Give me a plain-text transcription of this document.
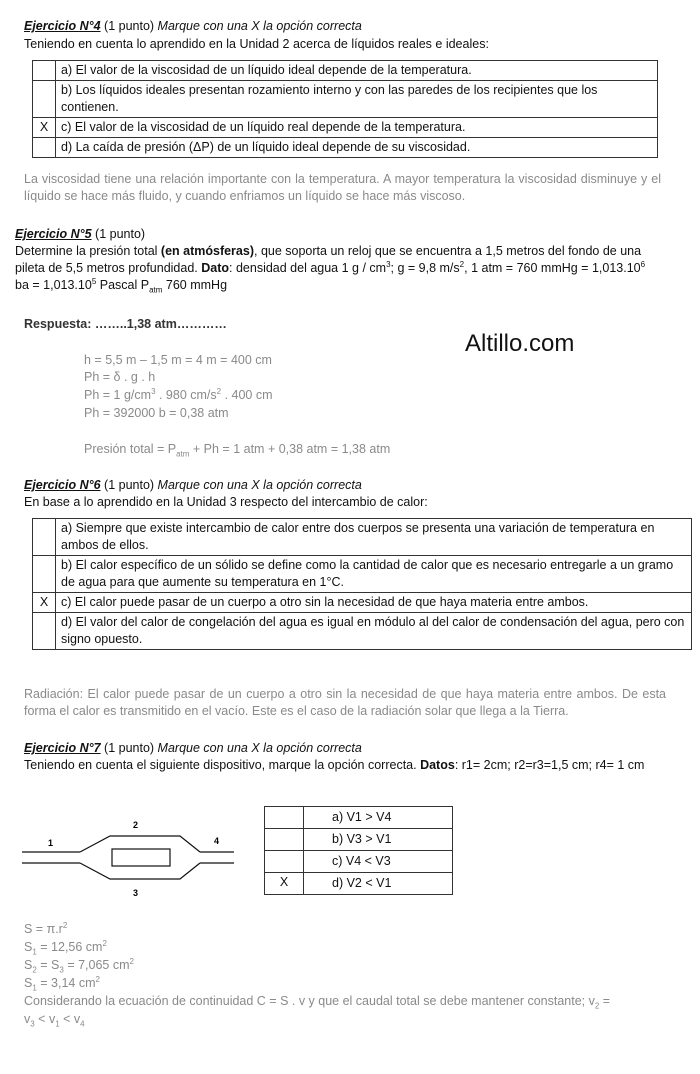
Ejercicio N°4 (1 punto) Marque con una X la opción correcta
Teniendo en cuenta lo aprendido en la Unidad 2 acerca de líquidos reales e ideales:
	a) El valor de la viscosidad de un líquido ideal depende de la temperatura.
	b) Los líquidos ideales presentan rozamiento interno y con las paredes de los recipientes que los contienen.
X	c) El valor de la viscosidad de un líquido real depende de la temperatura.
	d) La caída de presión (ΔP) de un líquido ideal depende de su viscosidad.
La viscosidad tiene una relación importante con la temperatura. A mayor temperatura la viscosidad disminuye y el líquido se hace más fluido, y cuando enfriamos un líquido se hace más viscoso.
Ejercicio N°5 (1 punto)
Determine la presión total (en atmósferas), que soporta un reloj que se encuentra a 1,5 metros del fondo de una
pileta de 5,5 metros profundidad. Dato: densidad del agua 1 g / $cm^3$; g = 9,8 $m/s^2$, 1 atm = 760 mmHg = $1,013.10^6$
ba = $1,013.10^5$ Pascal $P_{atm}$ 760 mmHg
Respuesta: ……..1,38 atm…………
Altillo.com
h = 5,5 m – 1,5 m = 4 m = 400 cm
Ph = δ . g . h
Ph = 1 $g/cm^3$ . 980 $cm/s^2$ . 400 cm
Ph = 392000 b = 0,38 atm
Presión total = $P_{atm} + Ph = 1$ atm + 0,38 atm = 1,38 atm
Ejercicio N°6 (1 punto) Marque con una X la opción correcta
En base a lo aprendido en la Unidad 3 respecto del intercambio de calor:
	a) Siempre que existe intercambio de calor entre dos cuerpos se presenta una variación de temperatura en ambos de ellos.
	b) El calor específico de un sólido se define como la cantidad de calor que es necesario entregarle a un gramo de agua para que aumente su temperatura en 1°C.
X	c) El calor puede pasar de un cuerpo a otro sin la necesidad de que haya materia entre ambos.
	d) El valor del calor de congelación del agua es igual en módulo al del calor de condensación del agua, pero con signo opuesto.
Radiación: El calor puede pasar de un cuerpo a otro sin la necesidad de que haya materia entre ambos. De esta forma el calor es transmitido en el vacío. Este es el caso de la radiación solar que llega a la Tierra.
Ejercicio N°7 (1 punto) Marque con una X la opción correcta
Teniendo en cuenta el siguiente dispositivo, marque la opción correcta. Datos: r1= 2cm; r2=r3=1,5 cm; r4= 1 cm
1
2
3
4
	a) V1 > V4
	b) V3 > V1
	c) V4 < V3
X	d) V2 < V1
$S = \pi.r^2$
$S_1 = 12,56$ $cm^2$
$S_2 = S_3 = 7,065$ $cm^2$
$S_1 = 3,14$ $cm^2$
Considerando la ecuación de continuidad C = S . v y que el caudal total se debe mantener constante; $v_2$ =
$v_3 < v_1 < v_4$
